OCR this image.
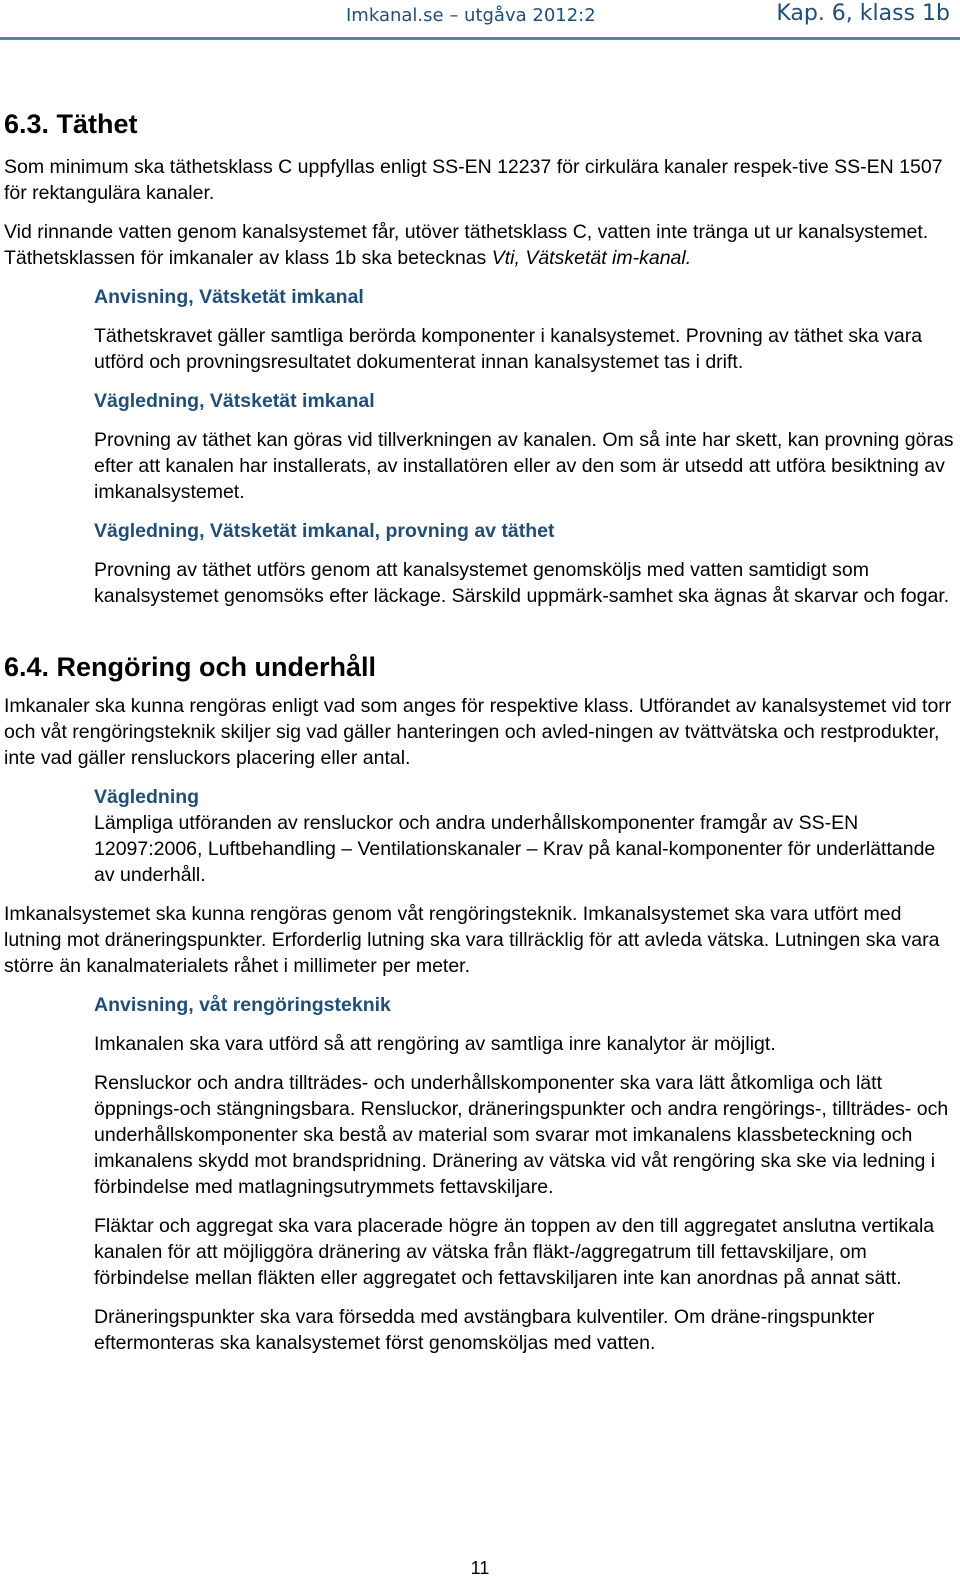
Imkanal.se – utgåva 2012:2	Kap. 6, klass 1b
6.3. Täthet

Som minimum ska täthetsklass C uppfyllas enligt SS-EN 12237 för cirkulära kanaler respek-tive SS-EN 1507 för rektangulära kanaler.

Vid rinnande vatten genom kanalsystemet får, utöver täthetsklass C, vatten inte tränga ut ur kanalsystemet. Täthetsklassen för imkanaler av klass 1b ska betecknas Vti, Vätsketät im-kanal.

Anvisning, Vätsketät imkanal

Täthetskravet gäller samtliga berörda komponenter i kanalsystemet. Provning av täthet ska vara utförd och provningsresultatet dokumenterat innan kanalsystemet tas i drift.

Vägledning, Vätsketät imkanal

Provning av täthet kan göras vid tillverkningen av kanalen. Om så inte har skett, kan provning göras efter att kanalen har installerats, av installatören eller av den som är utsedd att utföra besiktning av imkanalsystemet.

Vägledning, Vätsketät imkanal, provning av täthet

Provning av täthet utförs genom att kanalsystemet genomsköljs med vatten samtidigt som kanalsystemet genomsöks efter läckage. Särskild uppmärk-samhet ska ägnas åt skarvar och fogar.

6.4. Rengöring och underhåll

Imkanaler ska kunna rengöras enligt vad som anges för respektive klass. Utförandet av kanalsystemet vid torr och våt rengöringsteknik skiljer sig vad gäller hanteringen och avled-ningen av tvättvätska och restprodukter, inte vad gäller rensluckors placering eller antal.

Vägledning

Lämpliga utföranden av rensluckor och andra underhållskomponenter framgår av SS-EN 12097:2006, Luftbehandling – Ventilationskanaler – Krav på kanal-komponenter för underlättande av underhåll.

Imkanalsystemet ska kunna rengöras genom våt rengöringsteknik. Imkanalsystemet ska vara utfört med lutning mot dräneringspunkter. Erforderlig lutning ska vara tillräcklig för att avleda vätska. Lutningen ska vara större än kanalmaterialets råhet i millimeter per meter.

Anvisning, våt rengöringsteknik

Imkanalen ska vara utförd så att rengöring av samtliga inre kanalytor är möjligt.

Rensluckor och andra tillträdes- och underhållskomponenter ska vara lätt åtkomliga och lätt öppnings-och stängningsbara. Rensluckor, dräneringspunkter och andra rengörings-, tillträdes- och underhållskomponenter ska bestå av material som svarar mot imkanalens klassbeteckning och imkanalens skydd mot brandspridning. Dränering av vätska vid våt rengöring ska ske via ledning i förbindelse med matlagningsutrymmets fettavskiljare.

Fläktar och aggregat ska vara placerade högre än toppen av den till aggregatet anslutna vertikala kanalen för att möjliggöra dränering av vätska från fläkt-/aggregatrum till fettavskiljare, om förbindelse mellan fläkten eller aggregatet och fettavskiljaren inte kan anordnas på annat sätt.

Dräneringspunkter ska vara försedda med avstängbara kulventiler. Om dräne-ringspunkter eftermonteras ska kanalsystemet först genomsköljas med vatten.

11
